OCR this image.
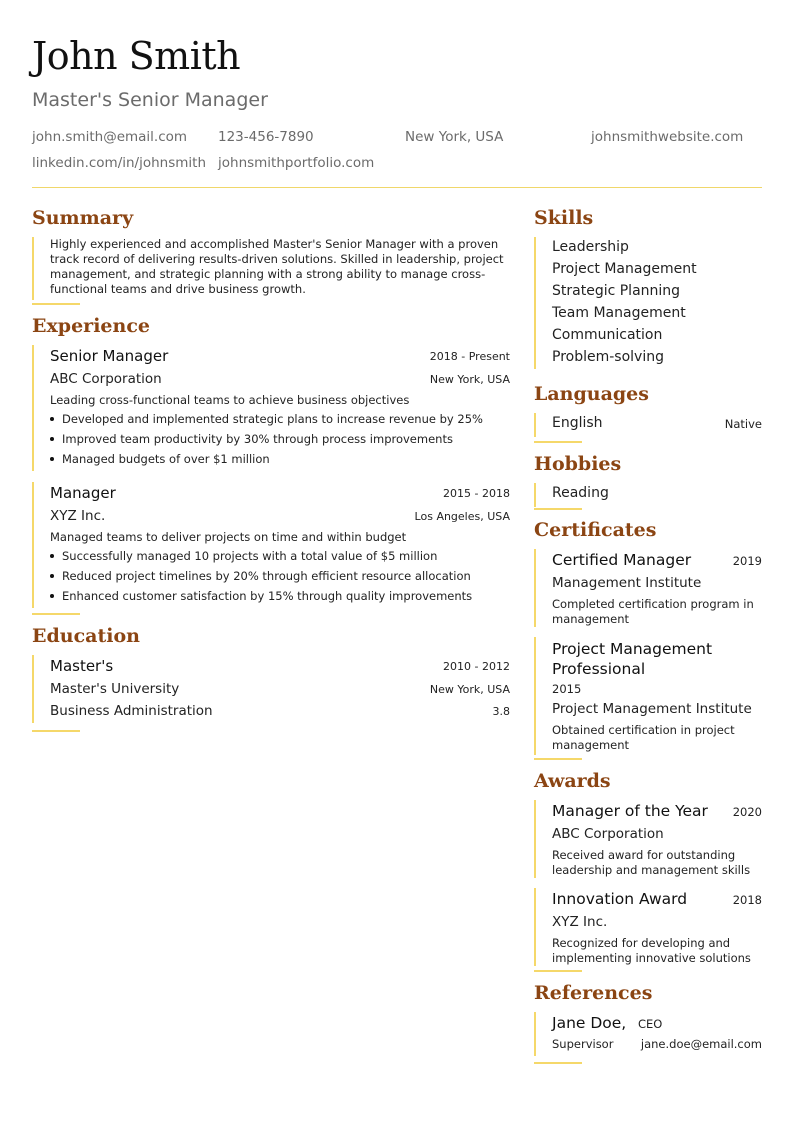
John Smith
Master's Senior Manager
john.smith@email.com 123-456-7890	New York, USA	johnsmithwebsite.com
linkedin.com/in/johnsmith johnsmithportfolio.com
Summary
Highly experienced and accomplished Master's Senior Manager with a proven track record of delivering results-driven solutions. Skilled in leadership, project management, and strategic planning with a strong ability to manage cross-functional teams and drive business growth.
Experience
Senior Manager	2018 - Present
ABC Corporation	New York, USA
Leading cross-functional teams to achieve business objectives
Developed and implemented strategic plans to increase revenue by 25%
Improved team productivity by 30% through process improvements
Managed budgets of over $1 million
Manager	2015 - 2018
XYZ Inc.	Los Angeles, USA
Managed teams to deliver projects on time and within budget
Successfully managed 10 projects with a total value of $5 million
Reduced project timelines by 20% through efficient resource allocation
Enhanced customer satisfaction by 15% through quality improvements
Education
Master's	2010 - 2012
Master's University	New York, USA
Business Administration	3.8
Skills
Leadership
Project Management
Strategic Planning
Team Management
Communication
Problem-solving
Languages
English	Native
Hobbies
Reading
Certificates
Certified Manager	2019
Management Institute
Completed certification program in management
Project Management Professional
2015
Project Management Institute
Obtained certification in project management
Awards
Manager of the Year 2020
ABC Corporation
Received award for outstanding leadership and management skills
Innovation Award	2018
XYZ Inc.
Recognized for developing and implementing innovative solutions
References
Jane Doe, CEO
Supervisor jane.doe@email.com
